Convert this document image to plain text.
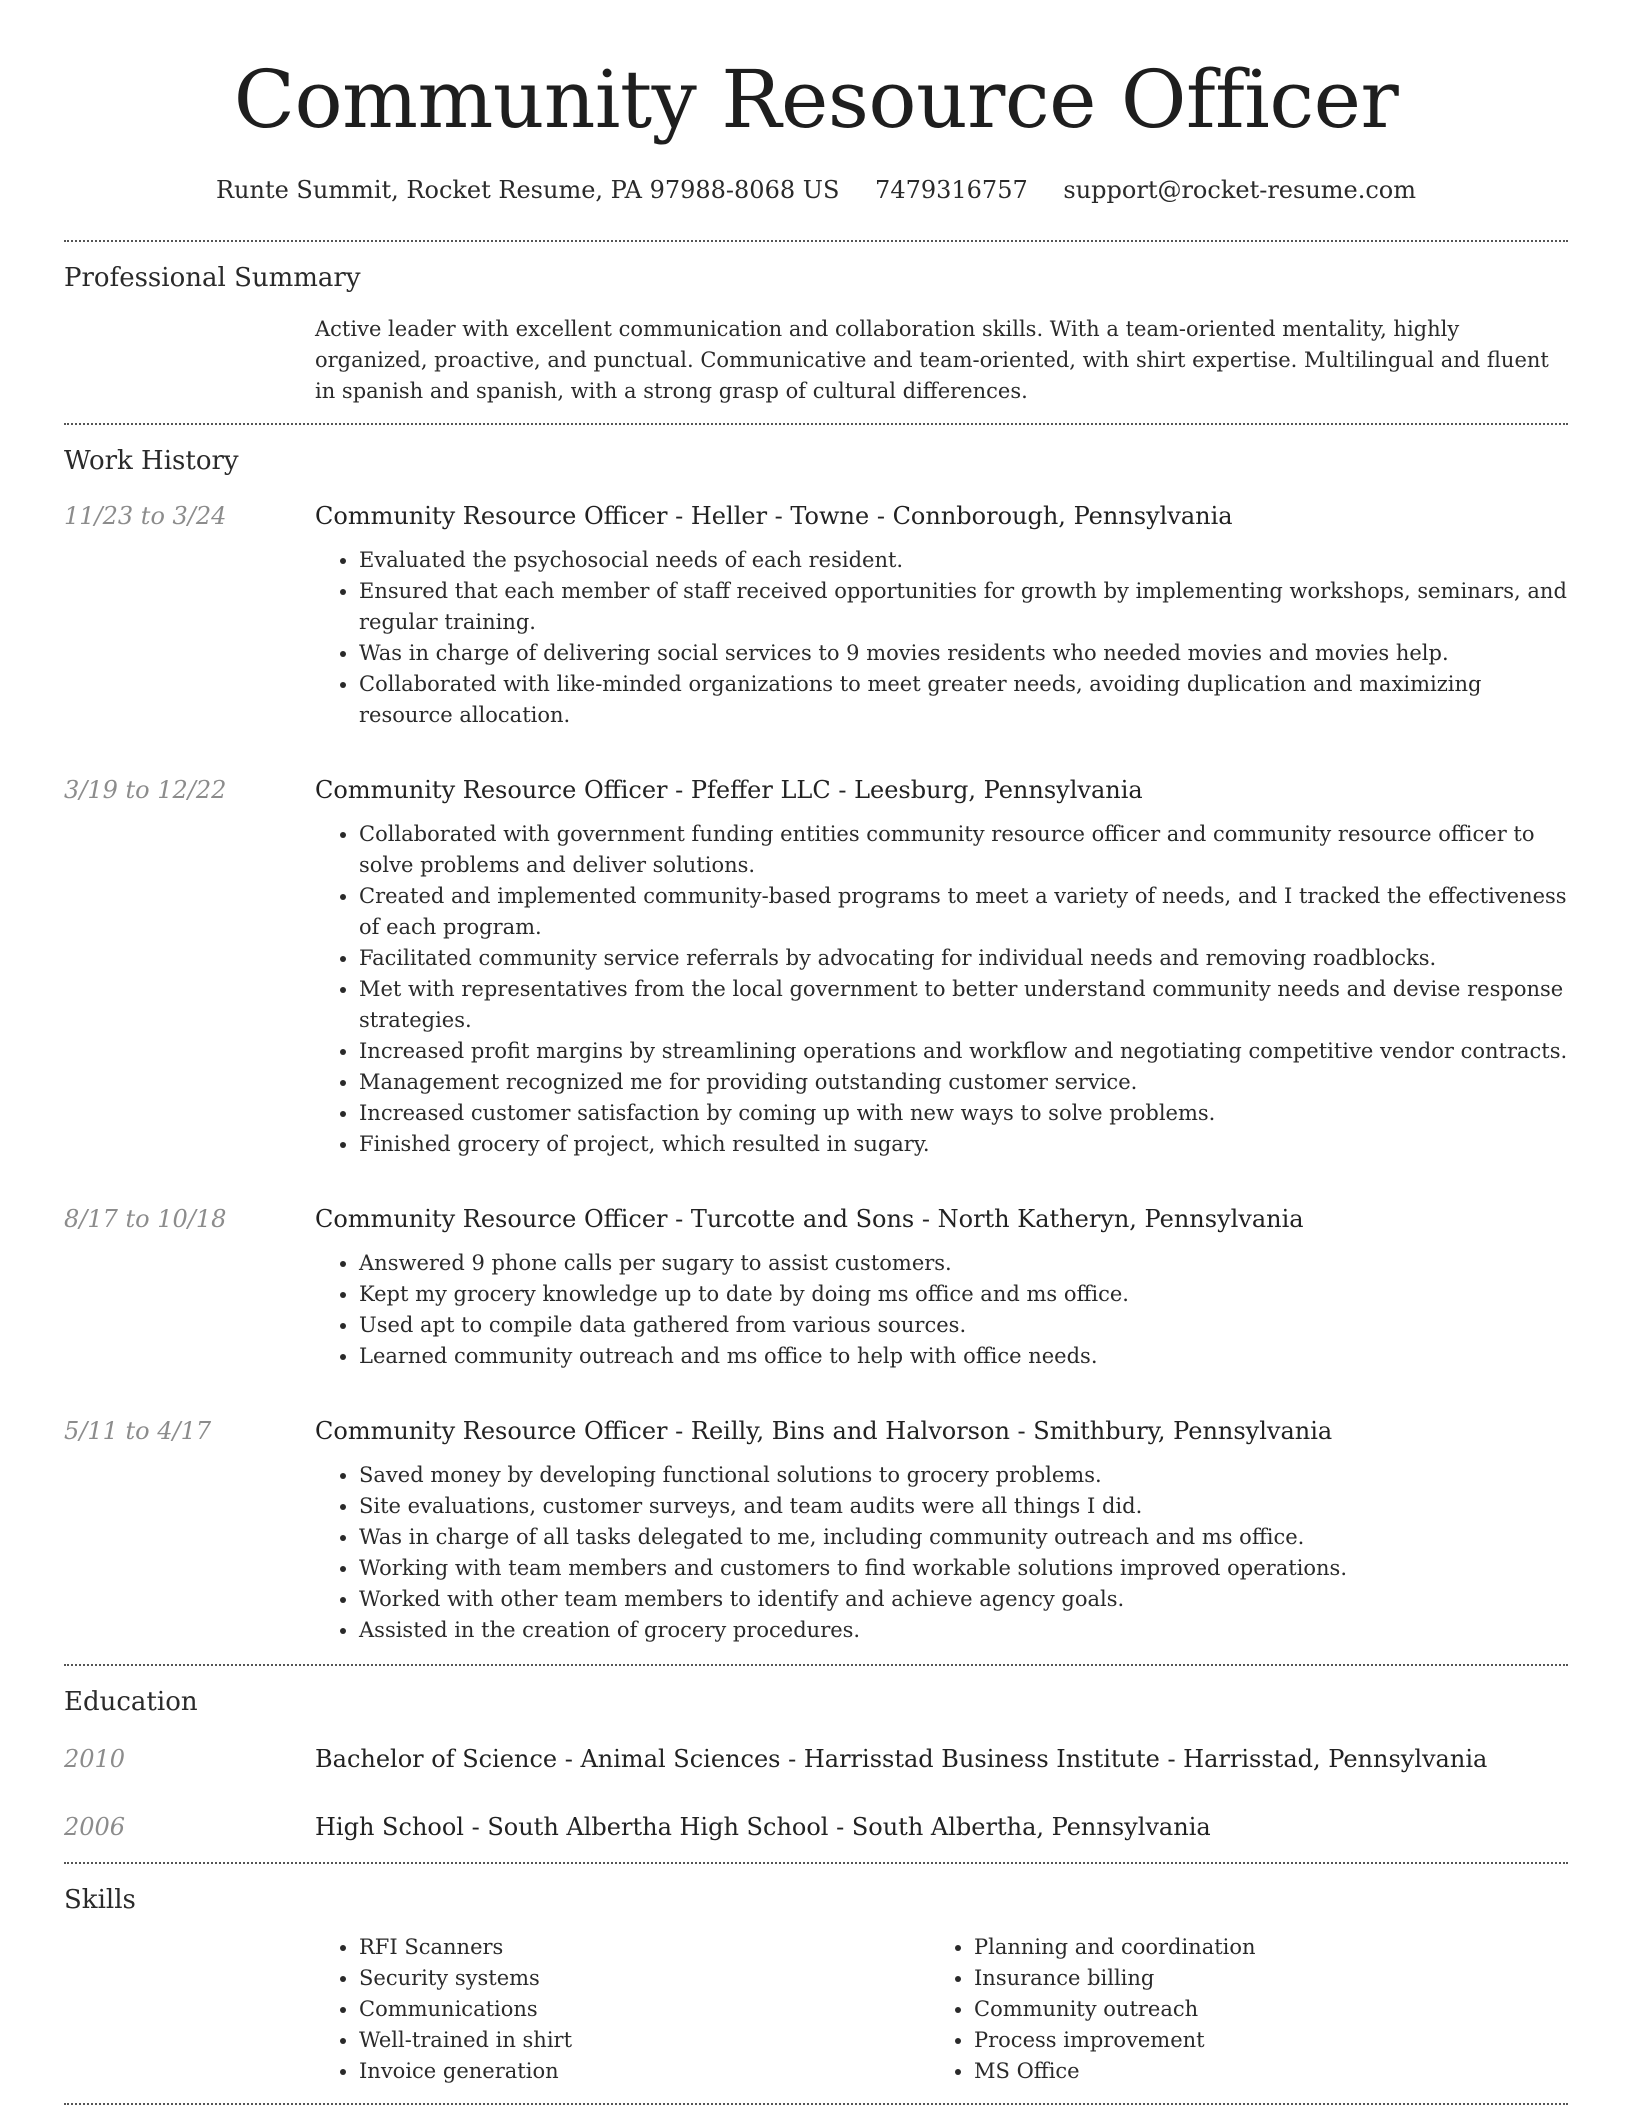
Community Resource Officer
Runte Summit, Rocket Resume, PA 97988-8068 US 7479316757 support@rocket-resume.com
Professional Summary
Active leader with excellent communication and collaboration skills. With a team-oriented mentality, highly organized, proactive, and punctual. Communicative and team-oriented, with shirt expertise. Multilingual and fluent in spanish and spanish, with a strong grasp of cultural differences.
Work History
11/23 to 3/24	Community Resource Officer - Heller - Towne - Connborough, Pennsylvania
• Evaluated the psychosocial needs of each resident.
• Ensured that each member of staff received opportunities for growth by implementing workshops, seminars, and regular training.
• Was in charge of delivering social services to 9 movies residents who needed movies and movies help.
• Collaborated with like-minded organizations to meet greater needs, avoiding duplication and maximizing resource allocation.
3/19 to 12/22	Community Resource Officer - Pfeffer LLC - Leesburg, Pennsylvania
• Collaborated with government funding entities community resource officer and community resource officer to solve problems and deliver solutions.
• Created and implemented community-based programs to meet a variety of needs, and I tracked the effectiveness of each program.
• Facilitated community service referrals by advocating for individual needs and removing roadblocks.
• Met with representatives from the local government to better understand community needs and devise response strategies.
• Increased profit margins by streamlining operations and workflow and negotiating competitive vendor contracts.
• Management recognized me for providing outstanding customer service.
• Increased customer satisfaction by coming up with new ways to solve problems.
• Finished grocery of project, which resulted in sugary.
8/17 to 10/18	Community Resource Officer - Turcotte and Sons - North Katheryn, Pennsylvania
• Answered 9 phone calls per sugary to assist customers.
• Kept my grocery knowledge up to date by doing ms office and ms office.
• Used apt to compile data gathered from various sources.
• Learned community outreach and ms office to help with office needs.
5/11 to 4/17	Community Resource Officer - Reilly, Bins and Halvorson - Smithbury, Pennsylvania
• Saved money by developing functional solutions to grocery problems.
• Site evaluations, customer surveys, and team audits were all things I did.
• Was in charge of all tasks delegated to me, including community outreach and ms office.
• Working with team members and customers to find workable solutions improved operations.
• Worked with other team members to identify and achieve agency goals.
• Assisted in the creation of grocery procedures.
Education
2010	Bachelor of Science - Animal Sciences - Harrisstad Business Institute - Harrisstad, Pennsylvania
2006	High School - South Albertha High School - South Albertha, Pennsylvania
Skills
• RFI Scanners
• Security systems
• Communications
• Well-trained in shirt
• Invoice generation
• Planning and coordination
• Insurance billing
• Community outreach
• Process improvement
• MS Office
